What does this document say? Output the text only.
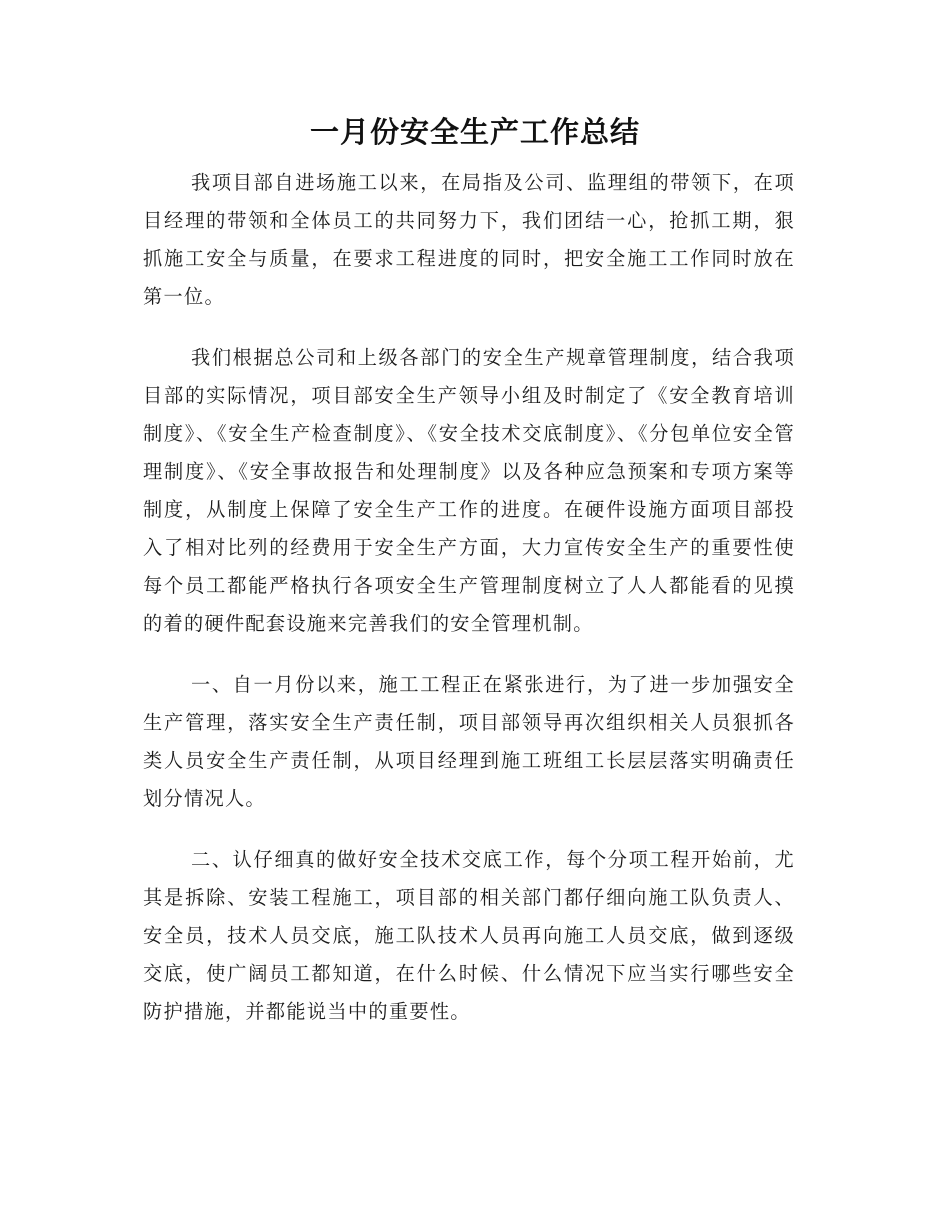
一月份安全生产工作总结

我项目部自进场施工以来，在局指及公司、监理组的带领下，在项目经理的带领和全体员工的共同努力下，我们团结一心，抢抓工期，狠抓施工安全与质量，在要求工程进度的同时，把安全施工工作同时放在第一位。

我们根据总公司和上级各部门的安全生产规章管理制度，结合我项目部的实际情况，项目部安全生产领导小组及时制定了《安全教育培训制度》、《安全生产检查制度》、《安全技术交底制度》、《分包单位安全管理制度》、《安全事故报告和处理制度》以及各种应急预案和专项方案等制度，从制度上保障了安全生产工作的进度。在硬件设施方面项目部投入了相对比列的经费用于安全生产方面，大力宣传安全生产的重要性使每个员工都能严格执行各项安全生产管理制度树立了人人都能看的见摸的着的硬件配套设施来完善我们的安全管理机制。

一、自一月份以来，施工工程正在紧张进行，为了进一步加强安全生产管理，落实安全生产责任制，项目部领导再次组织相关人员狠抓各类人员安全生产责任制，从项目经理到施工班组工长层层落实明确责任划分情况人。

二、认仔细真的做好安全技术交底工作，每个分项工程开始前，尤其是拆除、安装工程施工，项目部的相关部门都仔细向施工队负责人、安全员，技术人员交底，施工队技术人员再向施工人员交底，做到逐级交底，使广阔员工都知道，在什么时候、什么情况下应当实行哪些安全防护措施，并都能说当中的重要性。
